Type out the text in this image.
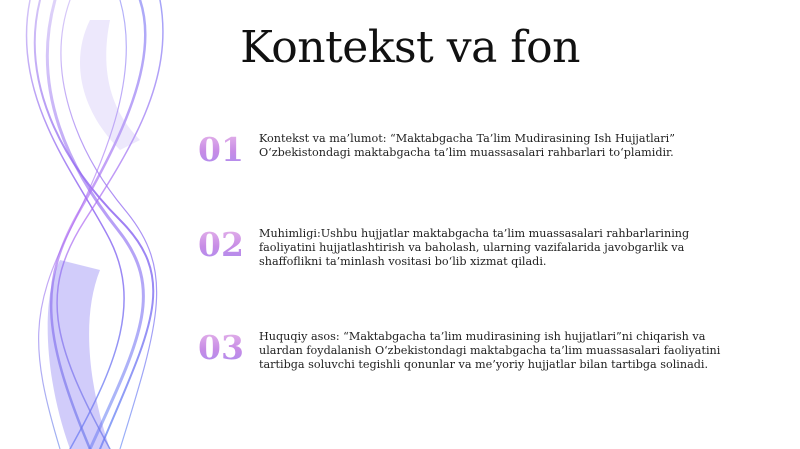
Kontekst va fon
01 Kontekst va ma’lumot: “Maktabgacha Ta’lim Mudirasining Ish Hujjatlari” O‘zbekistondagi maktabgacha ta’lim muassasalari rahbarlari to‘plamidir.
02 Muhimligi:Ushbu hujjatlar maktabgacha ta’lim muassasalari rahbarlarining faoliyatini hujjatlashtirish va baholash, ularning vazifalarida javobgarlik va shaffoflikni ta’minlash vositasi bo‘lib xizmat qiladi.
03 Huquqiy asos: “Maktabgacha ta’lim mudirasining ish hujjatlari”ni chiqarish va ulardan foydalanish O‘zbekistondagi maktabgacha ta’lim muassasalari faoliyatini tartibga soluvchi tegishli qonunlar va me’yoriy hujjatlar bilan tartibga solinadi.
